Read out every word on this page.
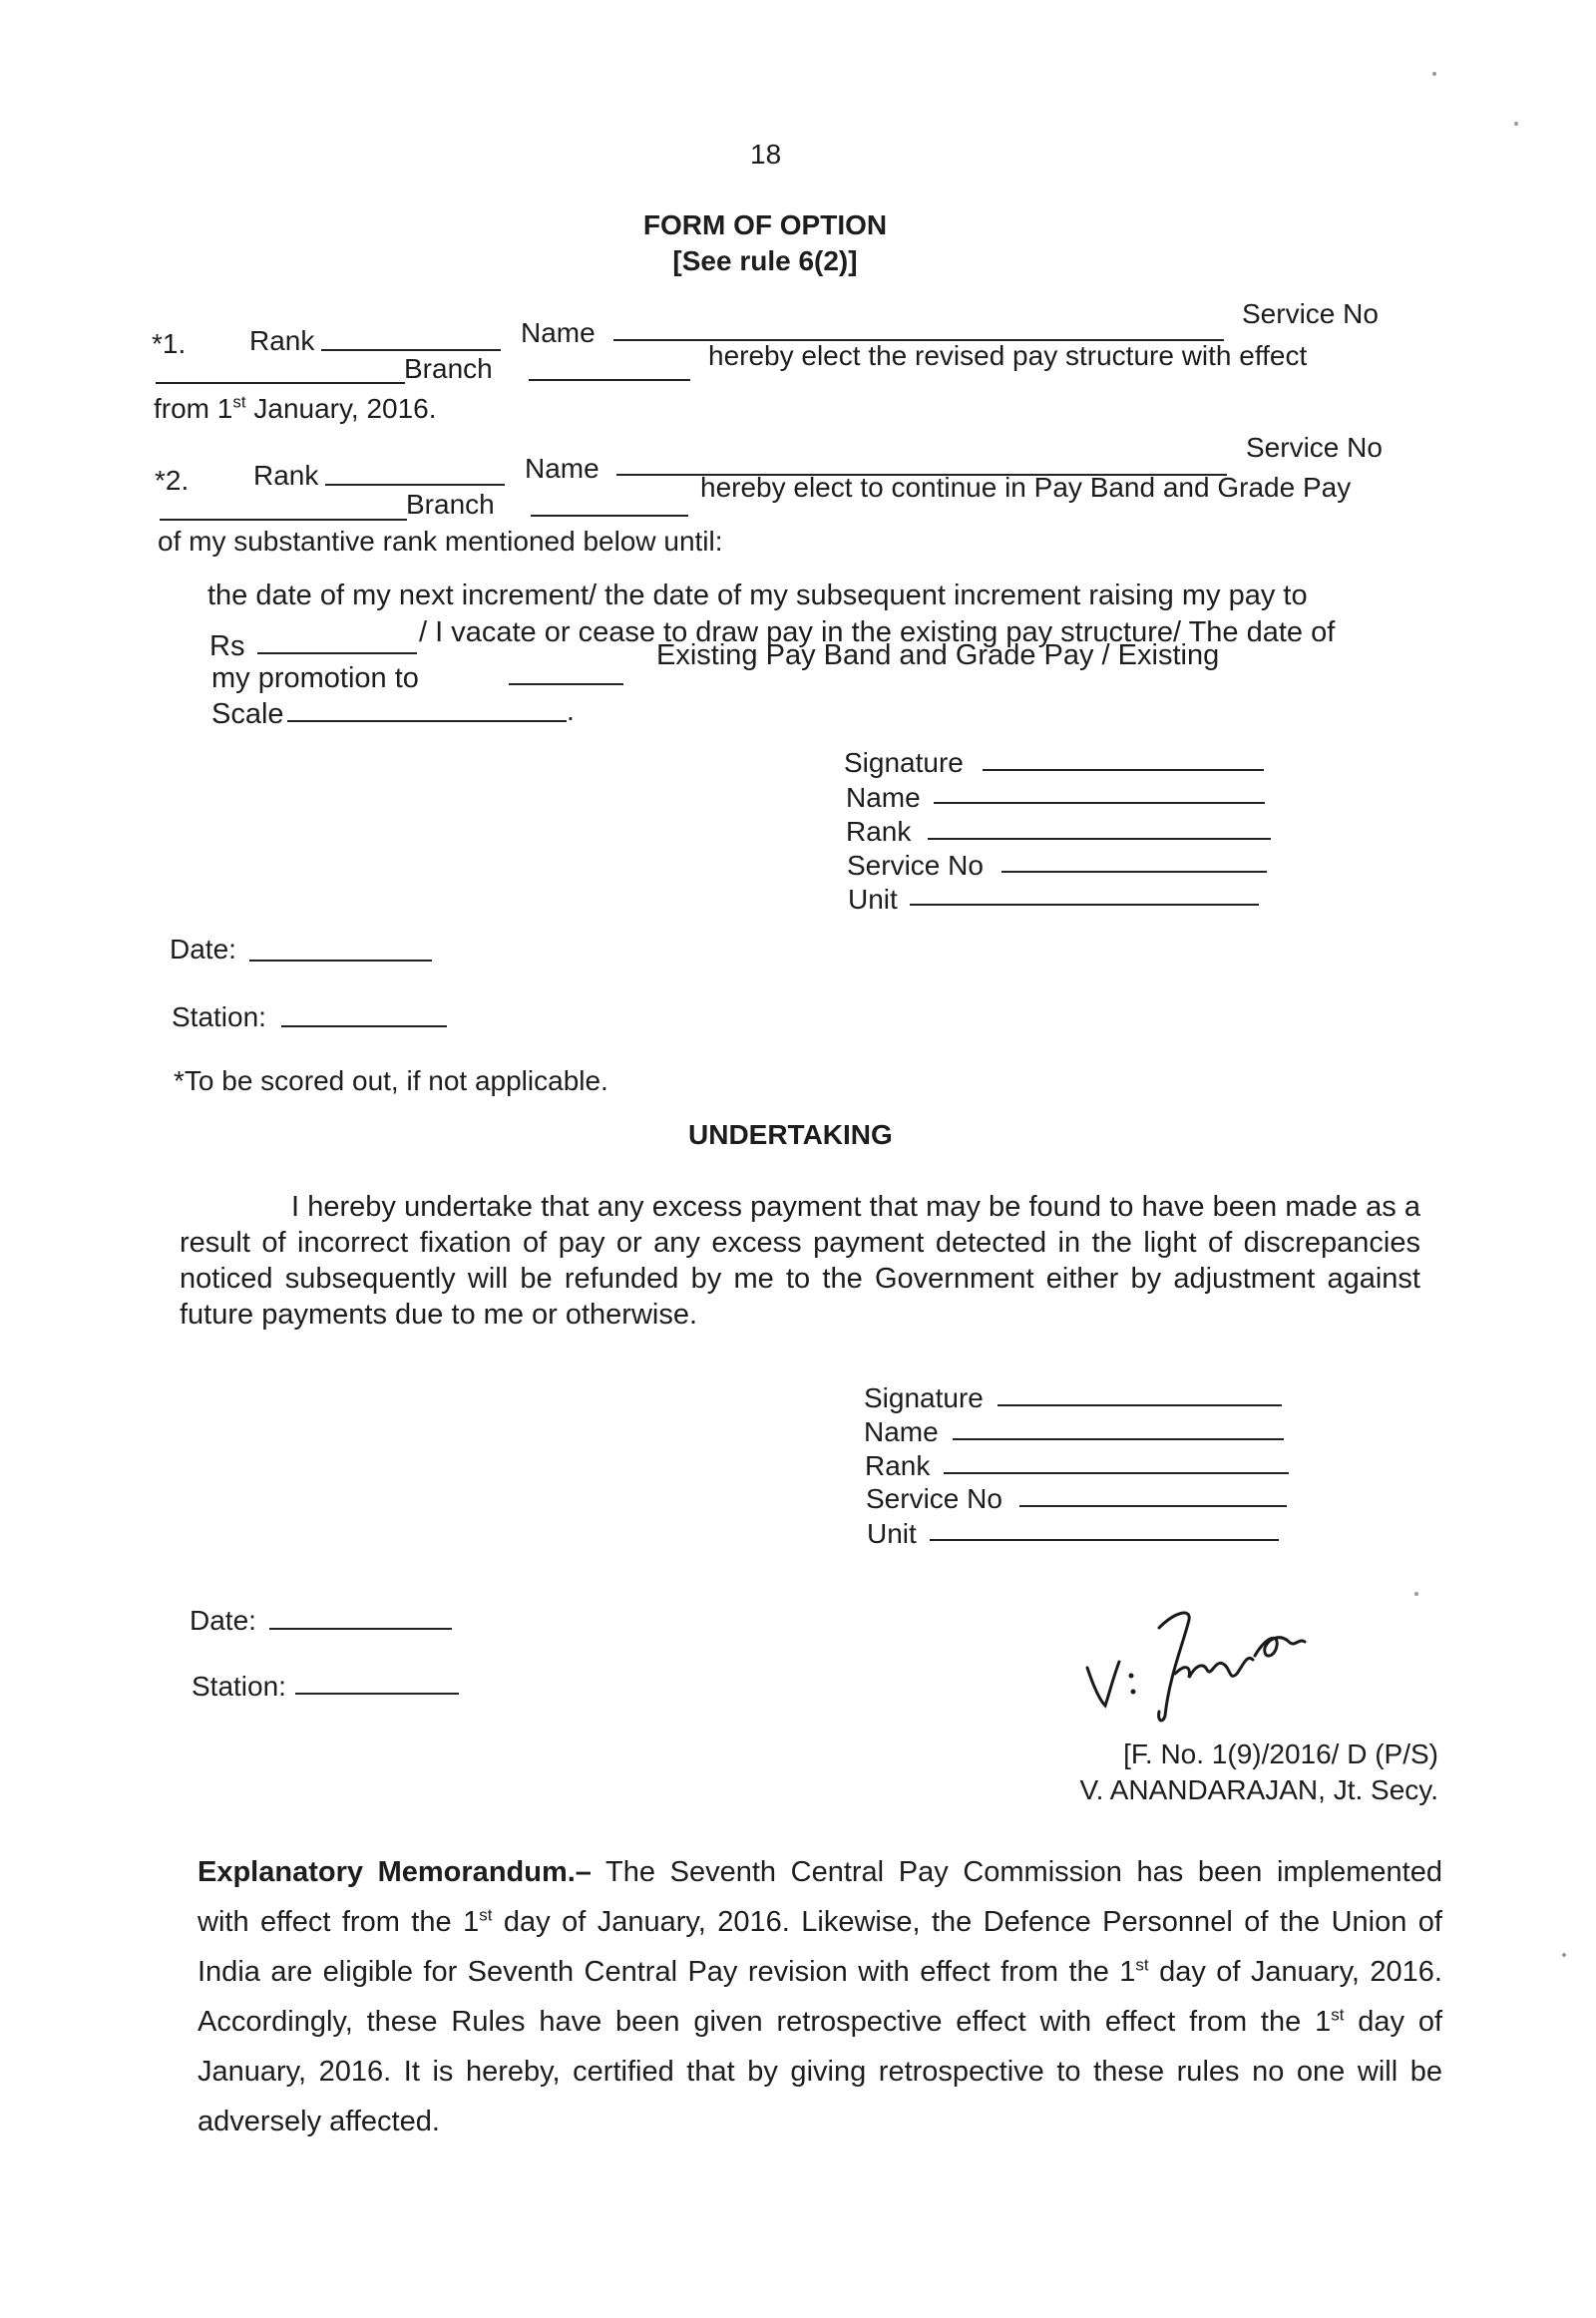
18
FORM OF OPTION
[See rule 6(2)]
*1. Rank	Name
Service No
Branch	hereby elect the revised pay structure with effect
from 1st January, 2016.
*2. Rank	Name
Service No
Branch
hereby elect to continue in Pay Band and Grade Pay
of my substantive rank mentioned below until:
the date of my next increment/ the date of my subsequent increment raising my pay to
Rs	/ I vacate or cease to draw pay in the existing pay structure/ The date of
my promotion to
Existing Pay Band and Grade Pay / Existing
Scale	.
Signature
Name
Rank
Service No
Unit
Date:
Station:
*To be scored out, if not applicable.
UNDERTAKING
I hereby undertake that any excess payment that may be found to have been made as a result of incorrect fixation of pay or any excess payment detected in the light of discrepancies noticed subsequently will be refunded by me to the Government either by adjustment against future payments due to me or otherwise.
Signature
Name
Rank
Service No
Unit
Date:
Station:
[F. No. 1(9)/2016/ D (P/S)
V. ANANDARAJAN, Jt. Secy.
Explanatory Memorandum.– The Seventh Central Pay Commission has been implemented with effect from the 1st day of January, 2016. Likewise, the Defence Personnel of the Union of India are eligible for Seventh Central Pay revision with effect from the 1st day of January, 2016. Accordingly, these Rules have been given retrospective effect with effect from the 1st day of January, 2016. It is hereby, certified that by giving retrospective to these rules no one will be adversely affected.
